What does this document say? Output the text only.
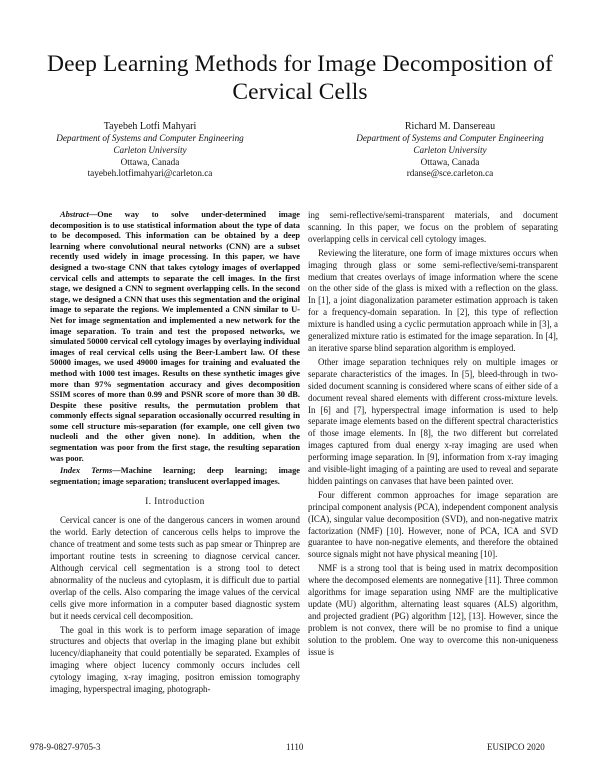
Deep Learning Methods for Image Decomposition of Cervical Cells
Tayebeh Lotfi Mahyari
Department of Systems and Computer Engineering
Carleton University
Ottawa, Canada
tayebeh.lotfimahyari@carleton.ca
Richard M. Dansereau
Department of Systems and Computer Engineering
Carleton University
Ottawa, Canada
rdanse@sce.carleton.ca

Abstract—One way to solve under-determined image decomposition is to use statistical information about the type of data to be decomposed. This information can be obtained by a deep learning where convolutional neural networks (CNN) are a subset recently used widely in image processing. In this paper, we have designed a two-stage CNN that takes cytology images of overlapped cervical cells and attempts to separate the cell images. In the first stage, we designed a CNN to segment overlapping cells. In the second stage, we designed a CNN that uses this segmentation and the original image to separate the regions. We implemented a CNN similar to U-Net for image segmentation and implemented a new network for the image separation. To train and test the proposed networks, we simulated 50000 cervical cell cytology images by overlaying individual images of real cervical cells using the Beer-Lambert law. Of these 50000 images, we used 49000 images for training and evaluated the method with 1000 test images. Results on these synthetic images give more than 97% segmentation accuracy and gives decomposition SSIM scores of more than 0.99 and PSNR score of more than 30 dB. Despite these positive results, the permutation problem that commonly effects signal separation occasionally occurred resulting in some cell structure mis-separation (for example, one cell given two nucleoli and the other given none). In addition, when the segmentation was poor from the first stage, the resulting separation was poor.

Index Terms—Machine learning; deep learning; image segmentation; image separation; translucent overlapped images.

I. Introduction

Cervical cancer is one of the dangerous cancers in women around the world. Early detection of cancerous cells helps to improve the chance of treatment and some tests such as pap smear or Thinprep are important routine tests in screening to diagnose cervical cancer. Although cervical cell segmentation is a strong tool to detect abnormality of the nucleus and cytoplasm, it is difficult due to partial overlap of the cells. Also comparing the image values of the cervical cells give more information in a computer based diagnostic system but it needs cervical cell decomposition.

The goal in this work is to perform image separation of image structures and objects that overlap in the imaging plane but exhibit lucency/diaphaneity that could potentially be separated. Examples of imaging where object lucency commonly occurs includes cell cytology imaging, x-ray imaging, positron emission tomography imaging, hyperspectral imaging, photograph-

ing semi-reflective/semi-transparent materials, and document scanning. In this paper, we focus on the problem of separating overlapping cells in cervical cell cytology images.

Reviewing the literature, one form of image mixtures occurs when imaging through glass or some semi-reflective/semi-transparent medium that creates overlays of image information where the scene on the other side of the glass is mixed with a reflection on the glass. In [1], a joint diagonalization parameter estimation approach is taken for a frequency-domain separation. In [2], this type of reflection mixture is handled using a cyclic permutation approach while in [3], a generalized mixture ratio is estimated for the image separation. In [4], an iterative sparse blind separation algorithm is employed.

Other image separation techniques rely on multiple images or separate characteristics of the images. In [5], bleed-through in two-sided document scanning is considered where scans of either side of a document reveal shared elements with different cross-mixture levels. In [6] and [7], hyperspectral image information is used to help separate image elements based on the different spectral characteristics of those image elements. In [8], the two different but correlated images captured from dual energy x-ray imaging are used when performing image separation. In [9], information from x-ray imaging and visible-light imaging of a painting are used to reveal and separate hidden paintings on canvases that have been painted over.

Four different common approaches for image separation are principal component analysis (PCA), independent component analysis (ICA), singular value decomposition (SVD), and non-negative matrix factorization (NMF) [10]. However, none of PCA, ICA and SVD guarantee to have non-negative elements, and therefore the obtained source signals might not have physical meaning [10].

NMF is a strong tool that is being used in matrix decomposition where the decomposed elements are nonnegative [11]. Three common algorithms for image separation using NMF are the multiplicative update (MU) algorithm, alternating least squares (ALS) algorithm, and projected gradient (PG) algorithm [12], [13]. However, since the problem is not convex, there will be no promise to find a unique solution to the problem. One way to overcome this non-uniqueness issue is

978-9-0827-9705-3	1110	EUSIPCO 2020
